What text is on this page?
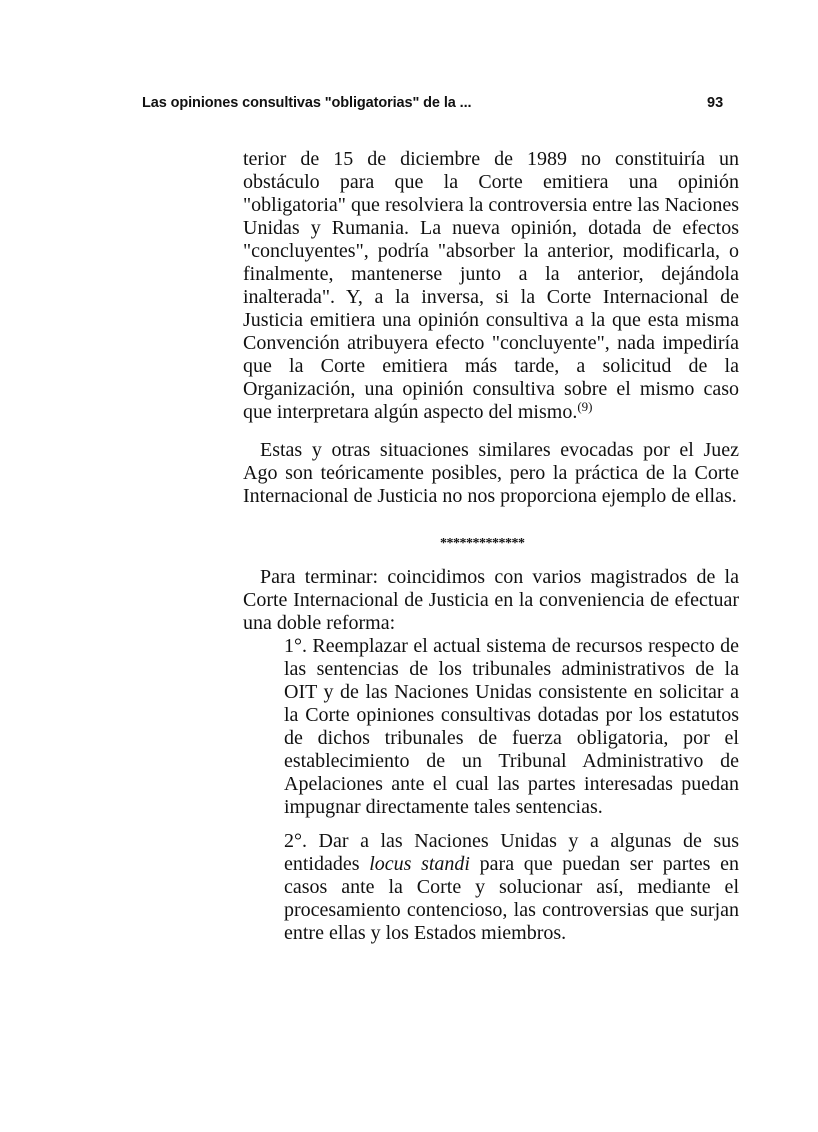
Las opiniones consultivas "obligatorias" de la ...	93

terior de 15 de diciembre de 1989 no constituiría un obstáculo para que la Corte emitiera una opinión "obligatoria" que resolviera la controversia entre las Naciones Unidas y Rumania. La nueva opinión, dotada de efectos "concluyentes", podría "absorber la anterior, modificarla, o finalmente, mantenerse junto a la anterior, dejándola inalterada". Y, a la inversa, si la Corte Internacional de Justicia emitiera una opinión consultiva a la que esta misma Convención atribuyera efecto "concluyente", nada impediría que la Corte emitiera más tarde, a solicitud de la Organización, una opinión consultiva sobre el mismo caso que interpretara algún aspecto del mismo.$^{(9)}$

Estas y otras situaciones similares evocadas por el Juez Ago son teóricamente posibles, pero la práctica de la Corte Internacional de Justicia no nos proporciona ejemplo de ellas.

*************

Para terminar: coincidimos con varios magistrados de la Corte Internacional de Justicia en la conveniencia de efectuar una doble reforma:

1°. Reemplazar el actual sistema de recursos respecto de las sentencias de los tribunales administrativos de la OIT y de las Naciones Unidas consistente en solicitar a la Corte opiniones consultivas dotadas por los estatutos de dichos tribunales de fuerza obligatoria, por el establecimiento de un Tribunal Administrativo de Apelaciones ante el cual las partes interesadas puedan impugnar directamente tales sentencias.

2°. Dar a las Naciones Unidas y a algunas de sus entidades locus standi para que puedan ser partes en casos ante la Corte y solucionar así, mediante el procesamiento contencioso, las controversias que surjan entre ellas y los Estados miembros.
